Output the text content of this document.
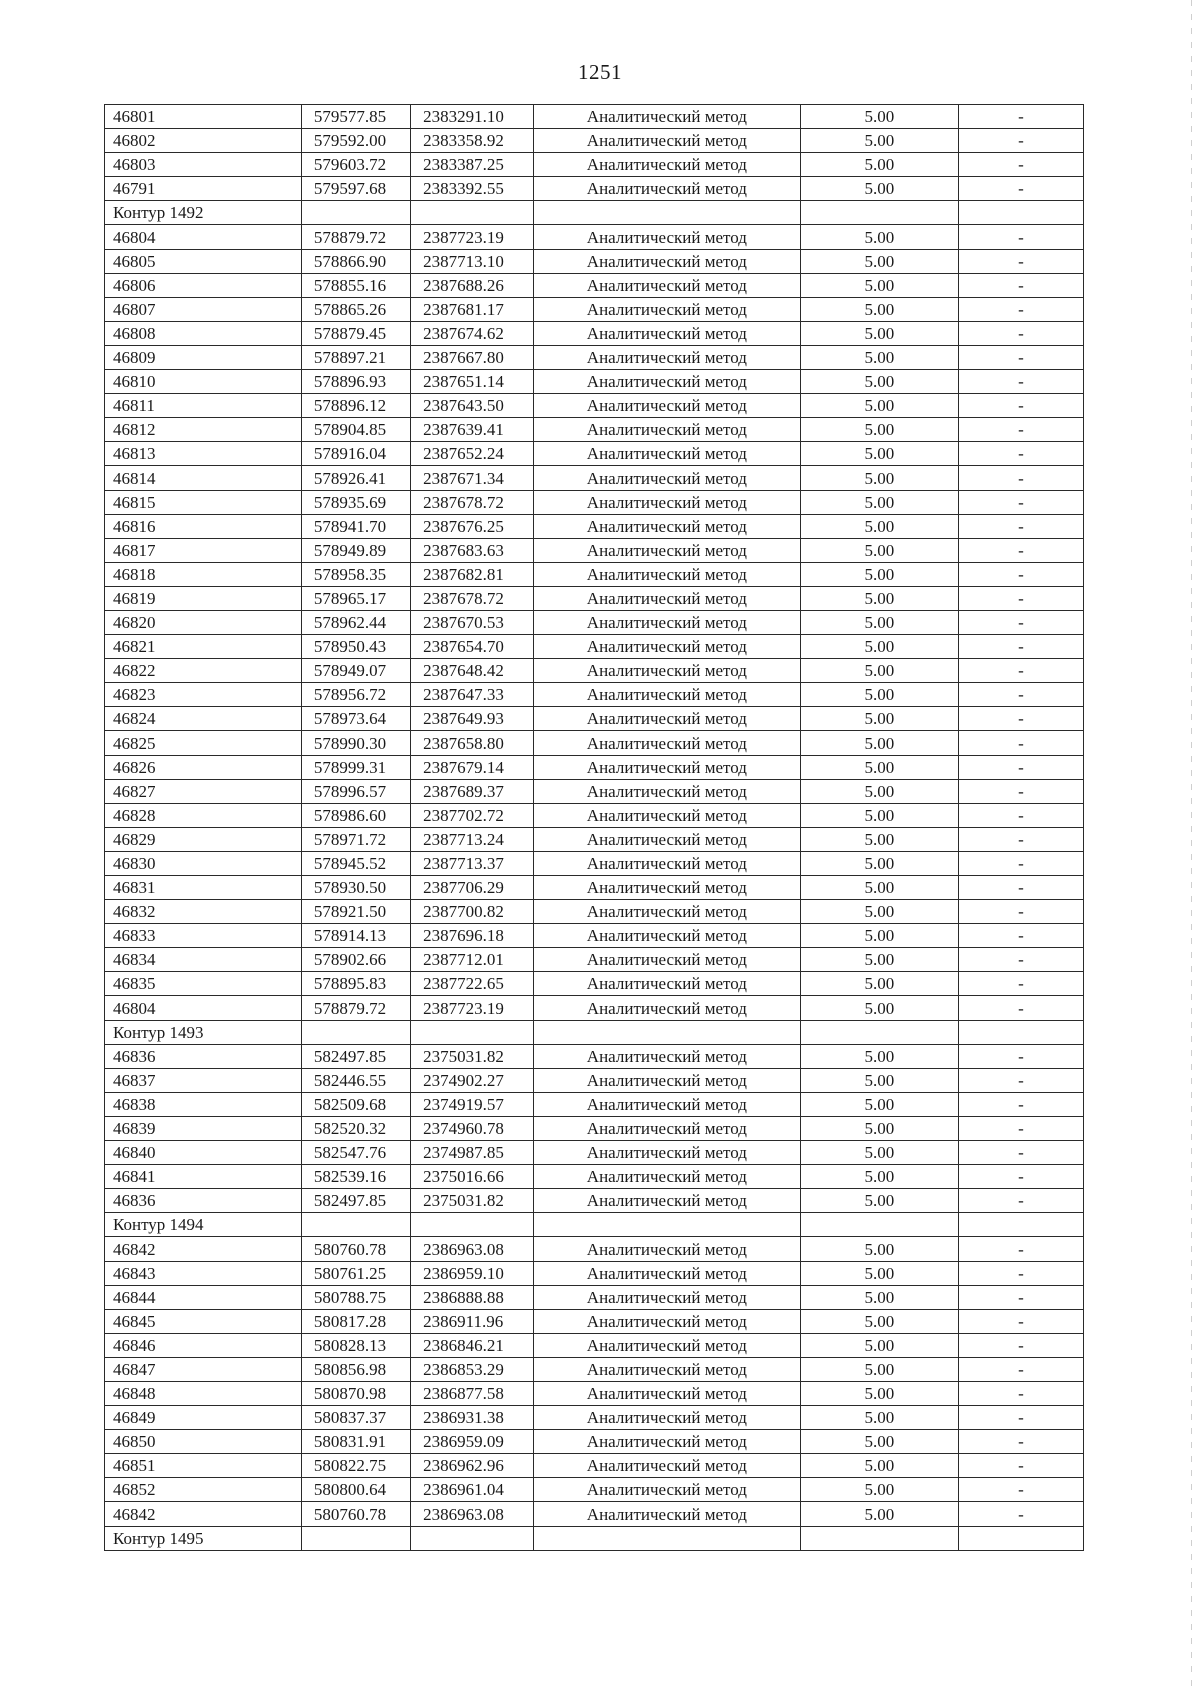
1251
46801	579577.85	2383291.10	Аналитический метод	5.00	-
46802	579592.00	2383358.92	Аналитический метод	5.00	-
46803	579603.72	2383387.25	Аналитический метод	5.00	-
46791	579597.68	2383392.55	Аналитический метод	5.00	-
Контур 1492					
46804	578879.72	2387723.19	Аналитический метод	5.00	-
46805	578866.90	2387713.10	Аналитический метод	5.00	-
46806	578855.16	2387688.26	Аналитический метод	5.00	-
46807	578865.26	2387681.17	Аналитический метод	5.00	-
46808	578879.45	2387674.62	Аналитический метод	5.00	-
46809	578897.21	2387667.80	Аналитический метод	5.00	-
46810	578896.93	2387651.14	Аналитический метод	5.00	-
46811	578896.12	2387643.50	Аналитический метод	5.00	-
46812	578904.85	2387639.41	Аналитический метод	5.00	-
46813	578916.04	2387652.24	Аналитический метод	5.00	-
46814	578926.41	2387671.34	Аналитический метод	5.00	-
46815	578935.69	2387678.72	Аналитический метод	5.00	-
46816	578941.70	2387676.25	Аналитический метод	5.00	-
46817	578949.89	2387683.63	Аналитический метод	5.00	-
46818	578958.35	2387682.81	Аналитический метод	5.00	-
46819	578965.17	2387678.72	Аналитический метод	5.00	-
46820	578962.44	2387670.53	Аналитический метод	5.00	-
46821	578950.43	2387654.70	Аналитический метод	5.00	-
46822	578949.07	2387648.42	Аналитический метод	5.00	-
46823	578956.72	2387647.33	Аналитический метод	5.00	-
46824	578973.64	2387649.93	Аналитический метод	5.00	-
46825	578990.30	2387658.80	Аналитический метод	5.00	-
46826	578999.31	2387679.14	Аналитический метод	5.00	-
46827	578996.57	2387689.37	Аналитический метод	5.00	-
46828	578986.60	2387702.72	Аналитический метод	5.00	-
46829	578971.72	2387713.24	Аналитический метод	5.00	-
46830	578945.52	2387713.37	Аналитический метод	5.00	-
46831	578930.50	2387706.29	Аналитический метод	5.00	-
46832	578921.50	2387700.82	Аналитический метод	5.00	-
46833	578914.13	2387696.18	Аналитический метод	5.00	-
46834	578902.66	2387712.01	Аналитический метод	5.00	-
46835	578895.83	2387722.65	Аналитический метод	5.00	-
46804	578879.72	2387723.19	Аналитический метод	5.00	-
Контур 1493					
46836	582497.85	2375031.82	Аналитический метод	5.00	-
46837	582446.55	2374902.27	Аналитический метод	5.00	-
46838	582509.68	2374919.57	Аналитический метод	5.00	-
46839	582520.32	2374960.78	Аналитический метод	5.00	-
46840	582547.76	2374987.85	Аналитический метод	5.00	-
46841	582539.16	2375016.66	Аналитический метод	5.00	-
46836	582497.85	2375031.82	Аналитический метод	5.00	-
Контур 1494					
46842	580760.78	2386963.08	Аналитический метод	5.00	-
46843	580761.25	2386959.10	Аналитический метод	5.00	-
46844	580788.75	2386888.88	Аналитический метод	5.00	-
46845	580817.28	2386911.96	Аналитический метод	5.00	-
46846	580828.13	2386846.21	Аналитический метод	5.00	-
46847	580856.98	2386853.29	Аналитический метод	5.00	-
46848	580870.98	2386877.58	Аналитический метод	5.00	-
46849	580837.37	2386931.38	Аналитический метод	5.00	-
46850	580831.91	2386959.09	Аналитический метод	5.00	-
46851	580822.75	2386962.96	Аналитический метод	5.00	-
46852	580800.64	2386961.04	Аналитический метод	5.00	-
46842	580760.78	2386963.08	Аналитический метод	5.00	-
Контур 1495					
